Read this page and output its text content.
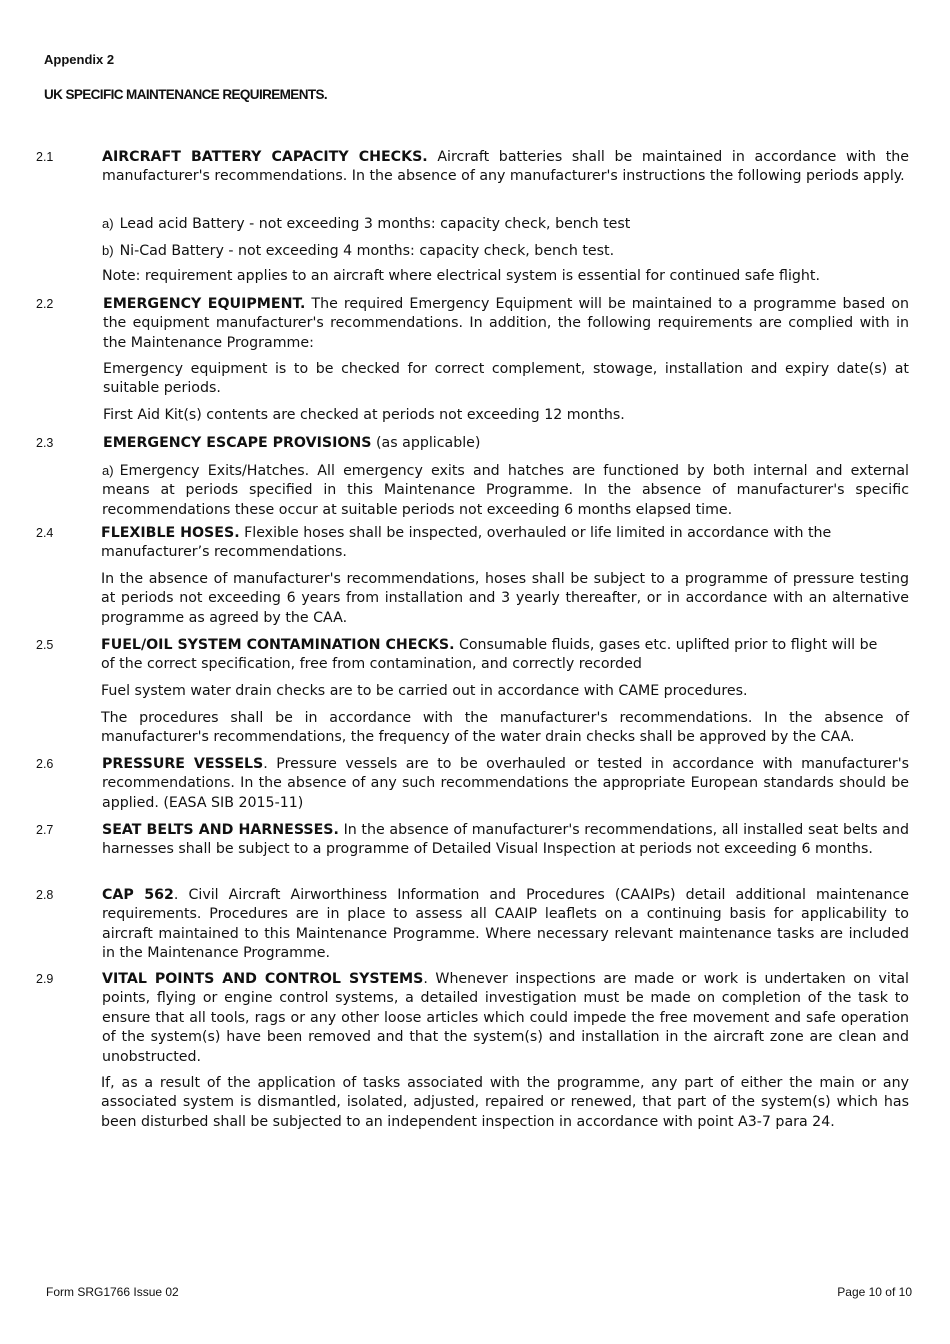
Appendix 2
UK SPECIFIC MAINTENANCE REQUIREMENTS.
2.1	AIRCRAFT BATTERY CAPACITY CHECKS. Aircraft batteries shall be maintained in accordance with the manufacturer's recommendations. In the absence of any manufacturer's instructions the following periods apply.

a) Lead acid Battery - not exceeding 3 months: capacity check, bench test

b) Ni-Cad Battery - not exceeding 4 months: capacity check, bench test.

Note: requirement applies to an aircraft where electrical system is essential for continued safe flight.

2.2	EMERGENCY EQUIPMENT. The required Emergency Equipment will be maintained to a programme based on the equipment manufacturer's recommendations. In addition, the following requirements are complied with in the Maintenance Programme:

Emergency equipment is to be checked for correct complement, stowage, installation and expiry date(s) at suitable periods.

First Aid Kit(s) contents are checked at periods not exceeding 12 months.

2.3	EMERGENCY ESCAPE PROVISIONS (as applicable)

a) Emergency Exits/Hatches. All emergency exits and hatches are functioned by both internal and external means at periods specified in this Maintenance Programme. In the absence of manufacturer's specific recommendations these occur at suitable periods not exceeding 6 months elapsed time.

2.4	FLEXIBLE HOSES. Flexible hoses shall be inspected, overhauled or life limited in accordance with the manufacturer’s recommendations.

In the absence of manufacturer's recommendations, hoses shall be subject to a programme of pressure testing at periods not exceeding 6 years from installation and 3 yearly thereafter, or in accordance with an alternative programme as agreed by the CAA.

2.5	FUEL/OIL SYSTEM CONTAMINATION CHECKS. Consumable fluids, gases etc. uplifted prior to flight will be of the correct specification, free from contamination, and correctly recorded

Fuel system water drain checks are to be carried out in accordance with CAME procedures.

The procedures shall be in accordance with the manufacturer's recommendations. In the absence of manufacturer's recommendations, the frequency of the water drain checks shall be approved by the CAA.

2.6	PRESSURE VESSELS. Pressure vessels are to be overhauled or tested in accordance with manufacturer's recommendations. In the absence of any such recommendations the appropriate European standards should be applied. (EASA SIB 2015-11)

2.7	SEAT BELTS AND HARNESSES. In the absence of manufacturer's recommendations, all installed seat belts and harnesses shall be subject to a programme of Detailed Visual Inspection at periods not exceeding 6 months.

2.8	CAP 562. Civil Aircraft Airworthiness Information and Procedures (CAAIPs) detail additional maintenance requirements. Procedures are in place to assess all CAAIP leaflets on a continuing basis for applicability to aircraft maintained to this Maintenance Programme. Where necessary relevant maintenance tasks are included in the Maintenance Programme.

2.9	VITAL POINTS AND CONTROL SYSTEMS. Whenever inspections are made or work is undertaken on vital points, flying or engine control systems, a detailed investigation must be made on completion of the task to ensure that all tools, rags or any other loose articles which could impede the free movement and safe operation of the system(s) have been removed and that the system(s) and installation in the aircraft zone are clean and unobstructed.

If, as a result of the application of tasks associated with the programme, any part of either the main or any associated system is dismantled, isolated, adjusted, repaired or renewed, that part of the system(s) which has been disturbed shall be subjected to an independent inspection in accordance with point A3-7 para 24.

Form SRG1766 Issue 02	Page 10 of 10
